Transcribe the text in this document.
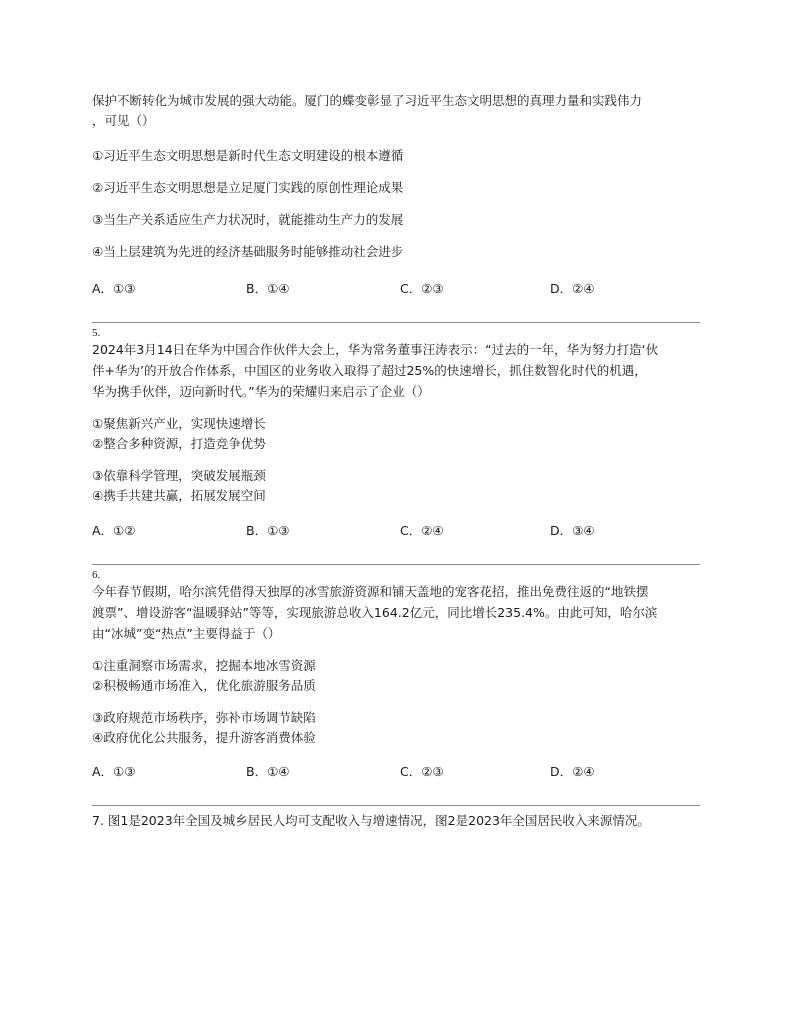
保护不断转化为城市发展的强大动能。厦门的蝶变彰显了习近平生态文明思想的真理力量和实践伟力
，可见（）
①习近平生态文明思想是新时代生态文明建设的根本遵循
②习近平生态文明思想是立足厦门实践的原创性理论成果
③当生产关系适应生产力状况时，就能推动生产力的发展
④当上层建筑为先进的经济基础服务时能够推动社会进步
A．①③	B．①④	C．②③	D．②④
5.
2024年3月14日在华为中国合作伙伴大会上，华为常务董事汪涛表示：“过去的一年，华为努力打造‘伙
伴+华为’的开放合作体系，中国区的业务收入取得了超过25%的快速增长，抓住数智化时代的机遇，
华为携手伙伴，迈向新时代。”华为的荣耀归来启示了企业（）
①聚焦新兴产业，实现快速增长
②整合多种资源，打造竞争优势
③依靠科学管理，突破发展瓶颈
④携手共建共赢，拓展发展空间
A．①②	B．①③	C．②④	D．③④
6.
今年春节假期，哈尔滨凭借得天独厚的冰雪旅游资源和铺天盖地的宠客花招，推出免费往返的“地铁摆
渡票”、增设游客“温暖驿站”等等，实现旅游总收入164.2亿元，同比增长235.4%。由此可知，哈尔滨
由“冰城”变“热点”主要得益于（）
①注重洞察市场需求，挖掘本地冰雪资源
②积极畅通市场准入，优化旅游服务品质
③政府规范市场秩序，弥补市场调节缺陷
④政府优化公共服务，提升游客消费体验
A．①③	B．①④	C．②③	D．②④
7. 图1是2023年全国及城乡居民人均可支配收入与增速情况，图2是2023年全国居民收入来源情况。
